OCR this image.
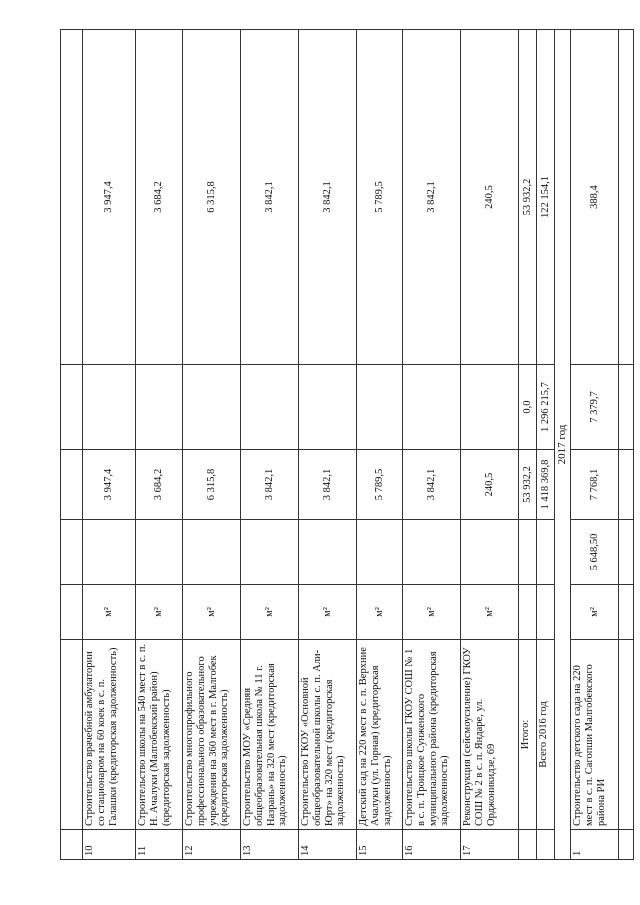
10	Строительство врачебной амбулатории со стационаром на 60 коек в с. п. Галашки (кредиторская задолженность)	м²		3 947,4		3 947,4
11	Строительство школы на 540 мест в с. п. Н. Ачалуки (Малгобекский район) (кредиторская задолженность)	м²		3 684,2		3 684,2
12	Строительство многопрофильного профессионального образовательного учреждения на 360 мест в г. Малгобек (кредиторская задолженность)	м²		6 315,8		6 315,8
13	Строительство МОУ «Средняя общеобразовательная школа № 11 г. Назрань» на 320 мест (кредиторская задолженность)	м²		3 842,1		3 842,1
14	Строительство ГКОУ «Основной общеобразовательной школы с. п. Али-Юрт» на 320 мест (кредиторская задолженность)	м²		3 842,1		3 842,1
15	Детский сад на 220 мест в с. п. Верхние Ачалуки (ул. Горная) (кредиторская задолженность)	м²		5 789,5		5 789,5
16	Строительство школы ГКОУ СОШ № 1 в с. п. Троицкое Сунженского муниципального района (кредиторская задолженность)	м²		3 842,1		3 842,1
17	Реконструкция (сейсмоусиление) ГКОУ СОШ № 2 в с. п. Яндаре, ул. Орджоникидзе, 69	м²		240,5		240,5
	Итого:			53 932,2	0,0	53 932,2
	Всего 2016 год			1 418 369,8	1 296 215,7	122 154,1
2017 год						
1	Строительство детского сада на 220 мест в с. п. Сагопши Малгобекского района РИ	м²	5 648,50	7 768,1	7 379,7	388,4
